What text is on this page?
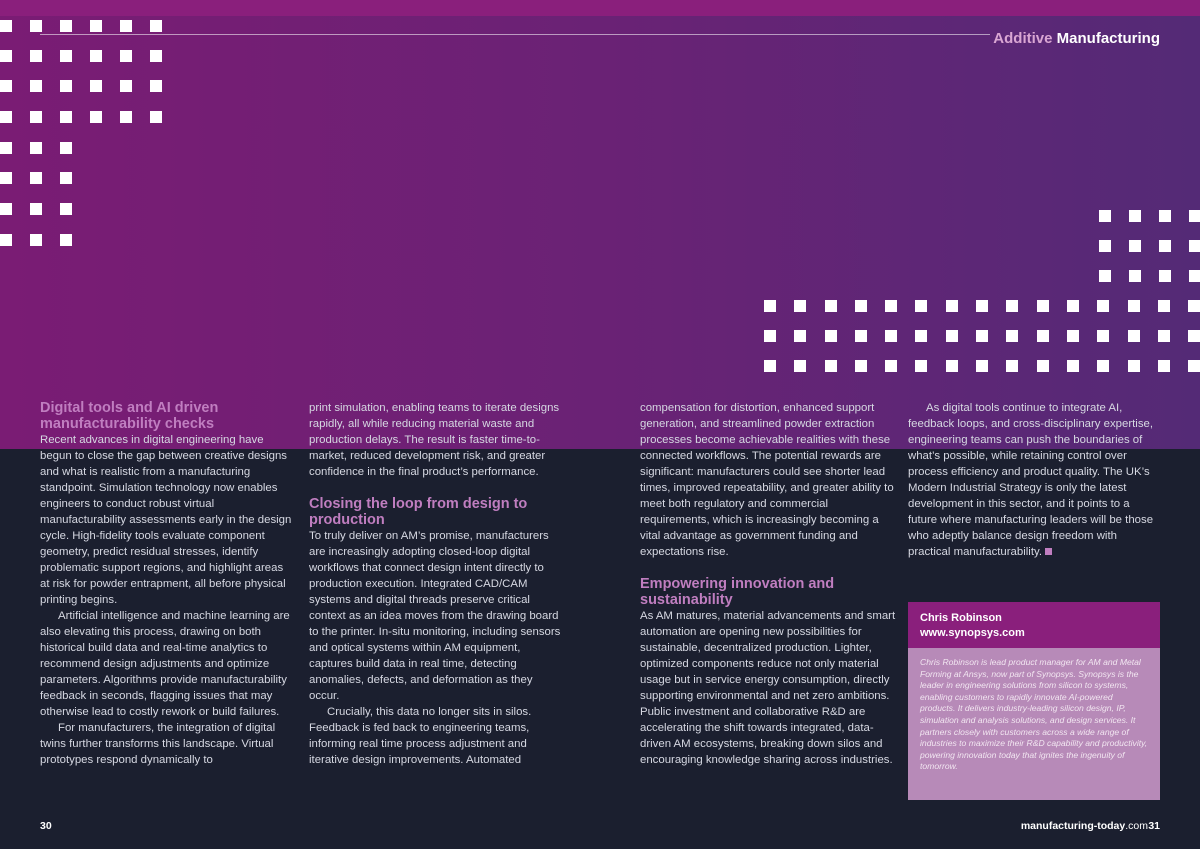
Additive Manufacturing
Digital tools and AI driven manufacturability checks

Recent advances in digital engineering have begun to close the gap between creative designs and what is realistic from a manufacturing standpoint. Simulation technology now enables engineers to conduct robust virtual manufacturability assessments early in the design cycle. High-fidelity tools evaluate component geometry, predict residual stresses, identify problematic support regions, and highlight areas at risk for powder entrapment, all before physical printing begins.

Artificial intelligence and machine learning are also elevating this process, drawing on both historical build data and real-time analytics to recommend design adjustments and optimize parameters. Algorithms provide manufacturability feedback in seconds, flagging issues that may otherwise lead to costly rework or build failures.

For manufacturers, the integration of digital twins further transforms this landscape. Virtual prototypes respond dynamically to

print simulation, enabling teams to iterate designs rapidly, all while reducing material waste and production delays. The result is faster time-to-market, reduced development risk, and greater confidence in the final product’s performance.

Closing the loop from design to production

To truly deliver on AM’s promise, manufacturers are increasingly adopting closed-loop digital workflows that connect design intent directly to production execution. Integrated CAD/CAM systems and digital threads preserve critical context as an idea moves from the drawing board to the printer. In-situ monitoring, including sensors and optical systems within AM equipment, captures build data in real time, detecting anomalies, defects, and deformation as they occur.

Crucially, this data no longer sits in silos. Feedback is fed back to engineering teams, informing real time process adjustment and iterative design improvements. Automated

compensation for distortion, enhanced support generation, and streamlined powder extraction processes become achievable realities with these connected workflows. The potential rewards are significant: manufacturers could see shorter lead times, improved repeatability, and greater ability to meet both regulatory and commercial requirements, which is increasingly becoming a vital advantage as government funding and expectations rise.

Empowering innovation and sustainability

As AM matures, material advancements and smart automation are opening new possibilities for sustainable, decentralized production. Lighter, optimized components reduce not only material usage but in service energy consumption, directly supporting environmental and net zero ambitions. Public investment and collaborative R&D are accelerating the shift towards integrated, data-driven AM ecosystems, breaking down silos and encouraging knowledge sharing across industries.

As digital tools continue to integrate AI, feedback loops, and cross-disciplinary expertise, engineering teams can push the boundaries of what’s possible, while retaining control over process efficiency and product quality. The UK’s Modern Industrial Strategy is only the latest development in this sector, and it points to a future where manufacturing leaders will be those who adeptly balance design freedom with practical manufacturability.

Chris Robinson
www.synopsys.com
Chris Robinson is lead product manager for AM and Metal Forming at Ansys, now part of Synopsys. Synopsys is the leader in engineering solutions from silicon to systems, enabling customers to rapidly innovate AI-powered products. It delivers industry-leading silicon design, IP, simulation and analysis solutions, and design services. It partners closely with customers across a wide range of industries to maximize their R&D capability and productivity, powering innovation today that ignites the ingenuity of tomorrow.
30	manufacturing-today.com 31
